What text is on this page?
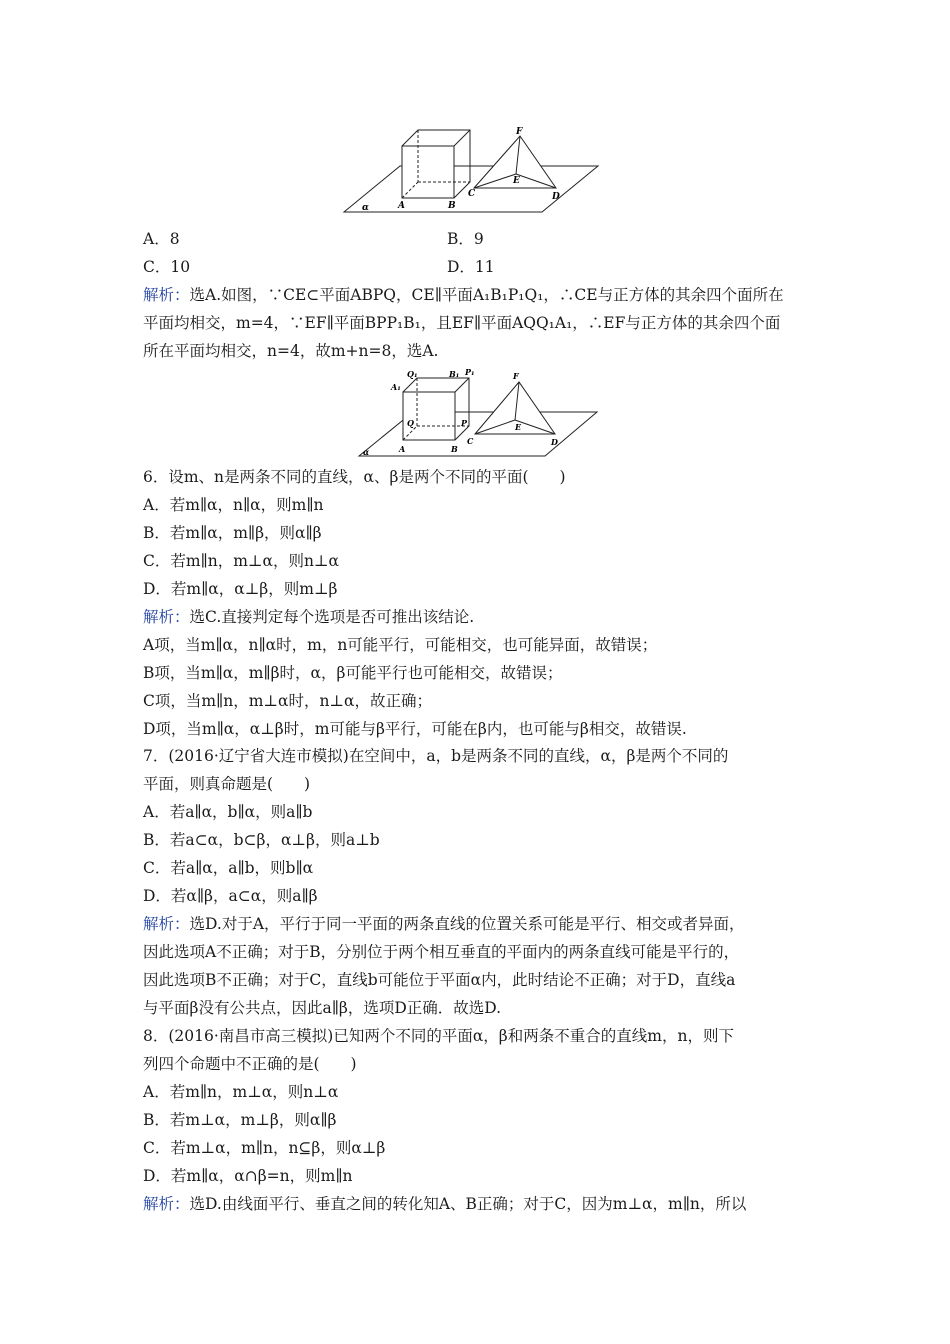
F
E
C	D
A	B
α
A．8	B．9
C．10	D．11
解析：选A.如图，∵CE⊂平面ABPQ，CE∥平面A₁B₁P₁Q₁，∴CE与正方体的其余四个面所在
平面均相交，m=4，∵EF∥平面BPP₁B₁，且EF∥平面AQQ₁A₁，∴EF与正方体的其余四个面
所在平面均相交，n=4，故m+n=8，选A.
Q₁	B₁ P₁
A₁
Q	P
A	B
F
E
C	D
α
6．设m、n是两条不同的直线，α、β是两个不同的平面(　　)
A．若m∥α，n∥α，则m∥n
B．若m∥α，m∥β，则α∥β
C．若m∥n，m⊥α，则n⊥α
D．若m∥α，α⊥β，则m⊥β
解析：选C.直接判定每个选项是否可推出该结论.
A项，当m∥α，n∥α时，m，n可能平行，可能相交，也可能异面，故错误；
B项，当m∥α，m∥β时，α，β可能平行也可能相交，故错误；
C项，当m∥n，m⊥α时，n⊥α，故正确；
D项，当m∥α，α⊥β时，m可能与β平行，可能在β内，也可能与β相交，故错误.
7．(2016·辽宁省大连市模拟)在空间中，a，b是两条不同的直线，α，β是两个不同的
平面，则真命题是(　　)
A．若a∥α，b∥α，则a∥b
B．若a⊂α，b⊂β，α⊥β，则a⊥b
C．若a∥α，a∥b，则b∥α
D．若α∥β，a⊂α，则a∥β
解析：选D.对于A，平行于同一平面的两条直线的位置关系可能是平行、相交或者异面，
因此选项A不正确；对于B，分别位于两个相互垂直的平面内的两条直线可能是平行的，
因此选项B不正确；对于C，直线b可能位于平面α内，此时结论不正确；对于D，直线a
与平面β没有公共点，因此a∥β，选项D正确．故选D.
8．(2016·南昌市高三模拟)已知两个不同的平面α，β和两条不重合的直线m，n，则下
列四个命题中不正确的是(　　)
A．若m∥n，m⊥α，则n⊥α
B．若m⊥α，m⊥β，则α∥β
C．若m⊥α，m∥n，n⊆β，则α⊥β
D．若m∥α，α∩β=n，则m∥n
解析：选D.由线面平行、垂直之间的转化知A、B正确；对于C，因为m⊥α，m∥n，所以
